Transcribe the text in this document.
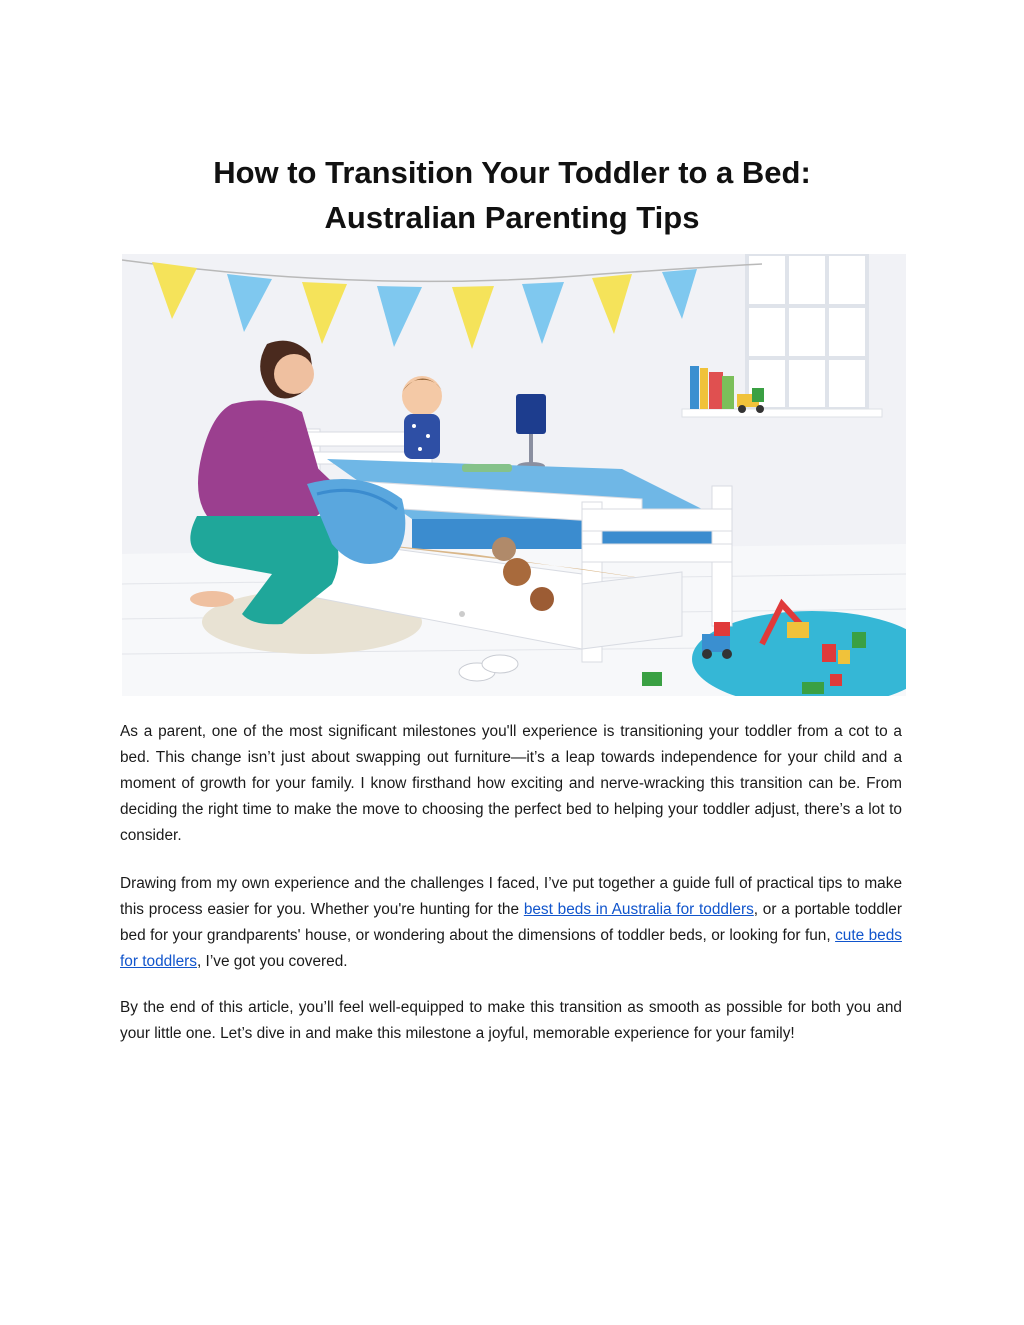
How to Transition Your Toddler to a Bed:
Australian Parenting Tips

As a parent, one of the most significant milestones you'll experience is transitioning your toddler from a cot to a bed. This change isn’t just about swapping out furniture—it’s a leap towards independence for your child and a moment of growth for your family. I know firsthand how exciting and nerve-wracking this transition can be. From deciding the right time to make the move to choosing the perfect bed to helping your toddler adjust, there’s a lot to consider.

Drawing from my own experience and the challenges I faced, I’ve put together a guide full of practical tips to make this process easier for you. Whether you're hunting for the best beds in Australia for toddlers, or a portable toddler bed for your grandparents' house, or wondering about the dimensions of toddler beds, or looking for fun, cute beds for toddlers, I’ve got you covered.

By the end of this article, you’ll feel well-equipped to make this transition as smooth as possible for both you and your little one. Let’s dive in and make this milestone a joyful, memorable experience for your family!
